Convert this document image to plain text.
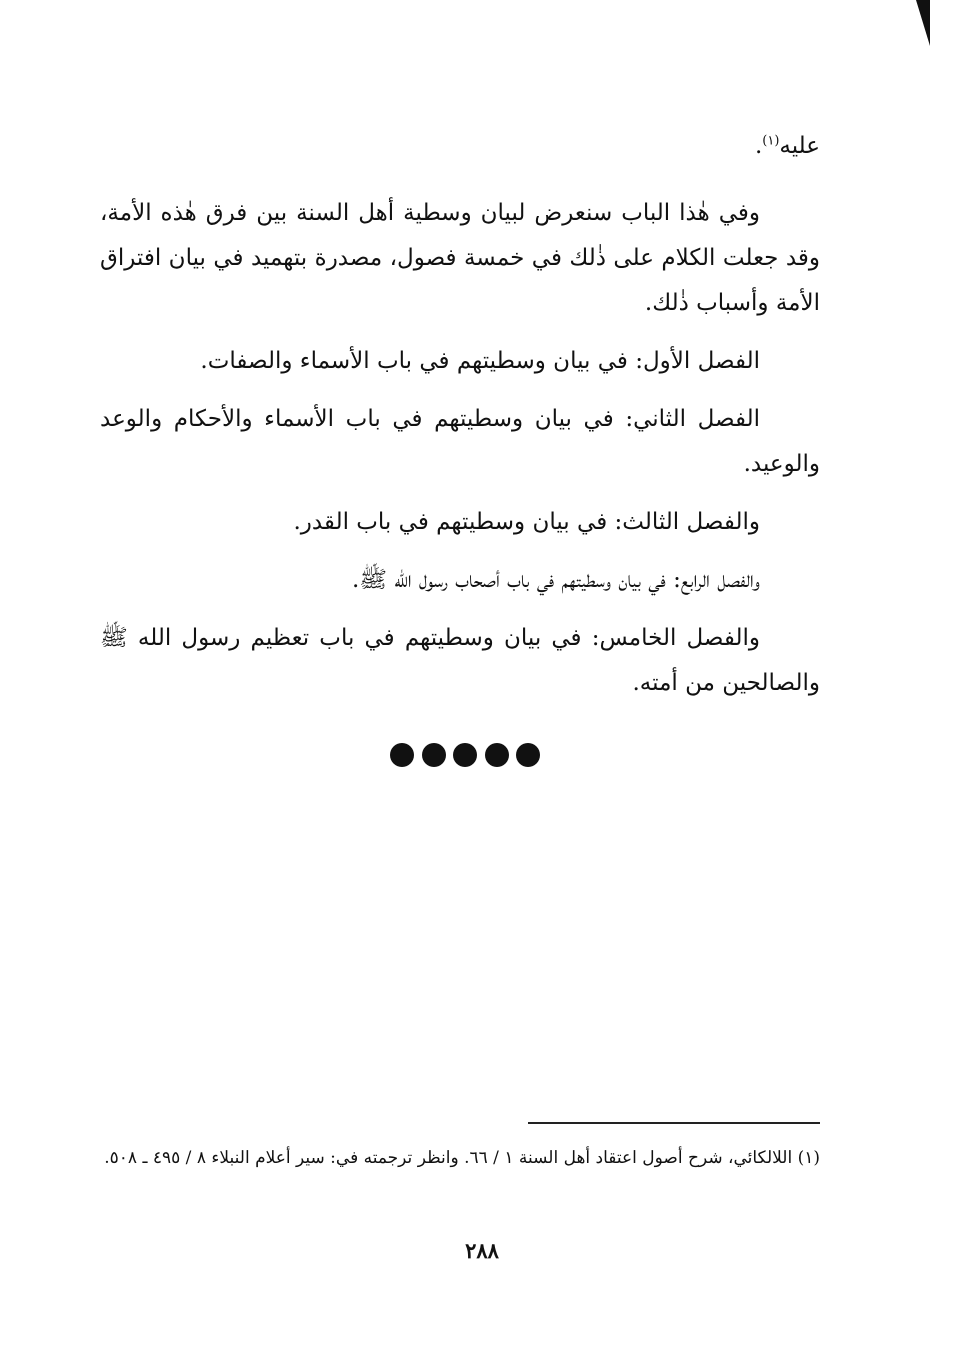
عليه$^{(١)}$.

وفي هٰذا الباب سنعرض لبيان وسطية أهل السنة بين فرق هٰذه الأمة، وقد جعلت الكلام على ذٰلك في خمسة فصول، مصدرة بتهميد في بيان افتراق الأمة وأسباب ذٰلك.

الفصل الأول: في بيان وسطيتهم في باب الأسماء والصفات.

الفصل الثاني: في بيان وسطيتهم في باب الأسماء والأحكام والوعد والوعيد.

والفصل الثالث: في بيان وسطيتهم في باب القدر.

والفصل الرابع: في بيان وسطيتهم في باب أصحاب رسول الله ﷺ.

والفصل الخامس: في بيان وسطيتهم في باب تعظيم رسول الله ﷺ والصالحين من أمته.

(١) اللالكائي، شرح أصول اعتقاد أهل السنة ١ / ٦٦. وانظر ترجمته في: سير أعلام النبلاء ٨ / ٤٩٥ ـ ٥٠٨.

٢٨٨
